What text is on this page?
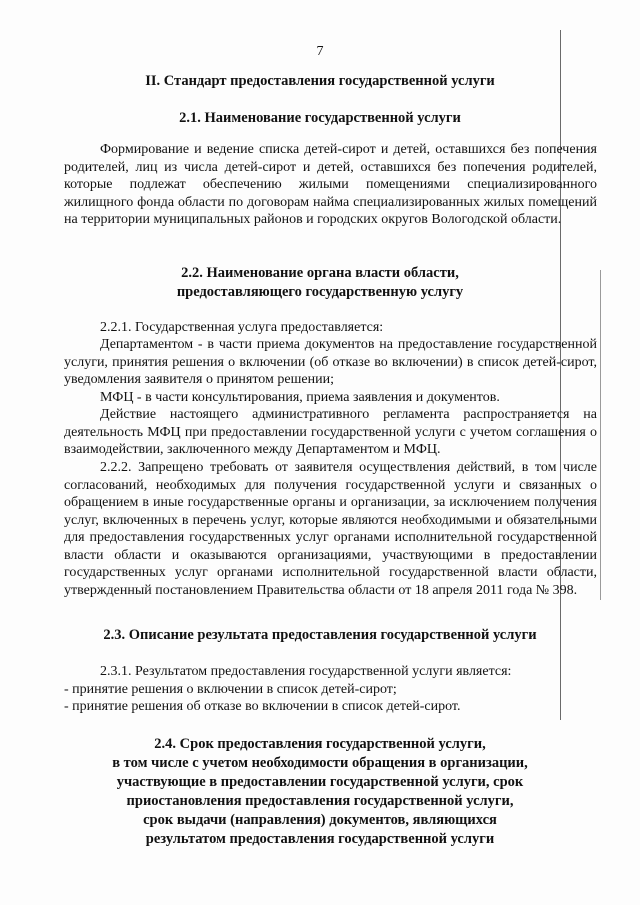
7
II. Стандарт предоставления государственной услуги
2.1. Наименование государственной услуги
Формирование и ведение списка детей-сирот и детей, оставшихся без попечения родителей, лиц из числа детей-сирот и детей, оставшихся без попечения родителей, которые подлежат обеспечению жилыми помещениями специализированного жилищного фонда области по договорам найма специализированных жилых помещений на территории муниципальных районов и городских округов Вологодской области.
2.2. Наименование органа власти области,
предоставляющего государственную услугу
2.2.1. Государственная услуга предоставляется:
Департаментом - в части приема документов на предоставление государственной услуги, принятия решения о включении (об отказе во включении) в список детей-сирот, уведомления заявителя о принятом решении;
МФЦ - в части консультирования, приема заявления и документов.
Действие настоящего административного регламента распространяется на деятельность МФЦ при предоставлении государственной услуги с учетом соглашения о взаимодействии, заключенного между Департаментом и МФЦ.
2.2.2. Запрещено требовать от заявителя осуществления действий, в том числе согласований, необходимых для получения государственной услуги и связанных о обращением в иные государственные органы и организации, за исключением получения услуг, включенных в перечень услуг, которые являются необходимыми и обязательными для предоставления государственных услуг органами исполнительной государственной власти области и оказываются организациями, участвующими в предоставлении государственных услуг органами исполнительной государственной власти области, утвержденный постановлением Правительства области от 18 апреля 2011 года № 398.
2.3. Описание результата предоставления государственной услуги
2.3.1. Результатом предоставления государственной услуги является:
- принятие решения о включении в список детей-сирот;
- принятие решения об отказе во включении в список детей-сирот.
2.4. Срок предоставления государственной услуги,
в том числе с учетом необходимости обращения в организации,
участвующие в предоставлении государственной услуги, срок
приостановления предоставления государственной услуги,
срок выдачи (направления) документов, являющихся
результатом предоставления государственной услуги
